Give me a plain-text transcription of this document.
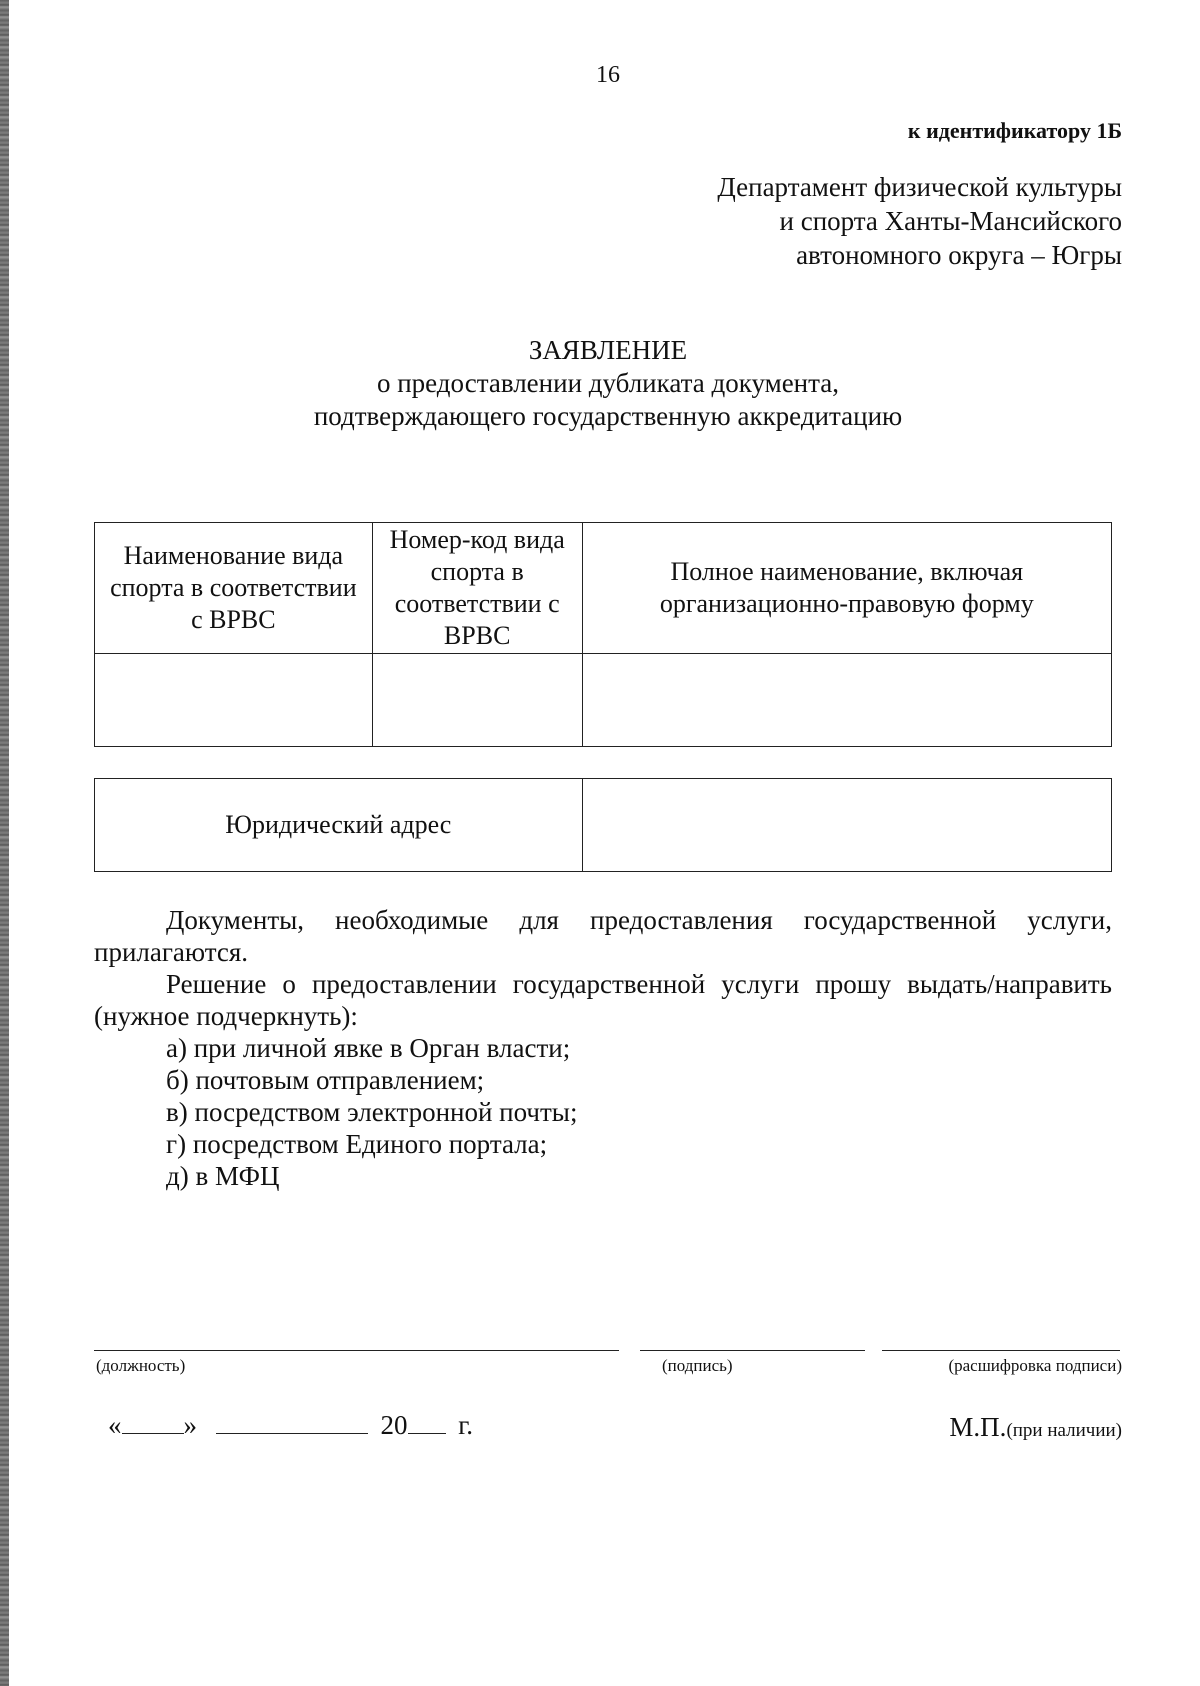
16
к идентификатору 1Б
Департамент физической культуры
и спорта Ханты-Мансийского
автономного округа – Югры
ЗАЯВЛЕНИЕ
о предоставлении дубликата документа,
подтверждающего государственную аккредитацию
Наименование вида спорта в соответствии с ВРВС	Номер-код вида спорта в соответствии с ВРВС	Полное наименование, включая организационно-правовую форму

Юридический адрес	

Документы, необходимые для предоставления государственной услуги, прилагаются.

Решение о предоставлении государственной услуги прошу выдать/направить (нужное подчеркнуть):

а) при личной явке в Орган власти;

б) почтовым отправлением;

в) посредством электронной почты;

г) посредством Единого портала;

д) в МФЦ

(должность)	(подпись)	(расшифровка подписи)
« »	20 г.	М.П.(при наличии)
